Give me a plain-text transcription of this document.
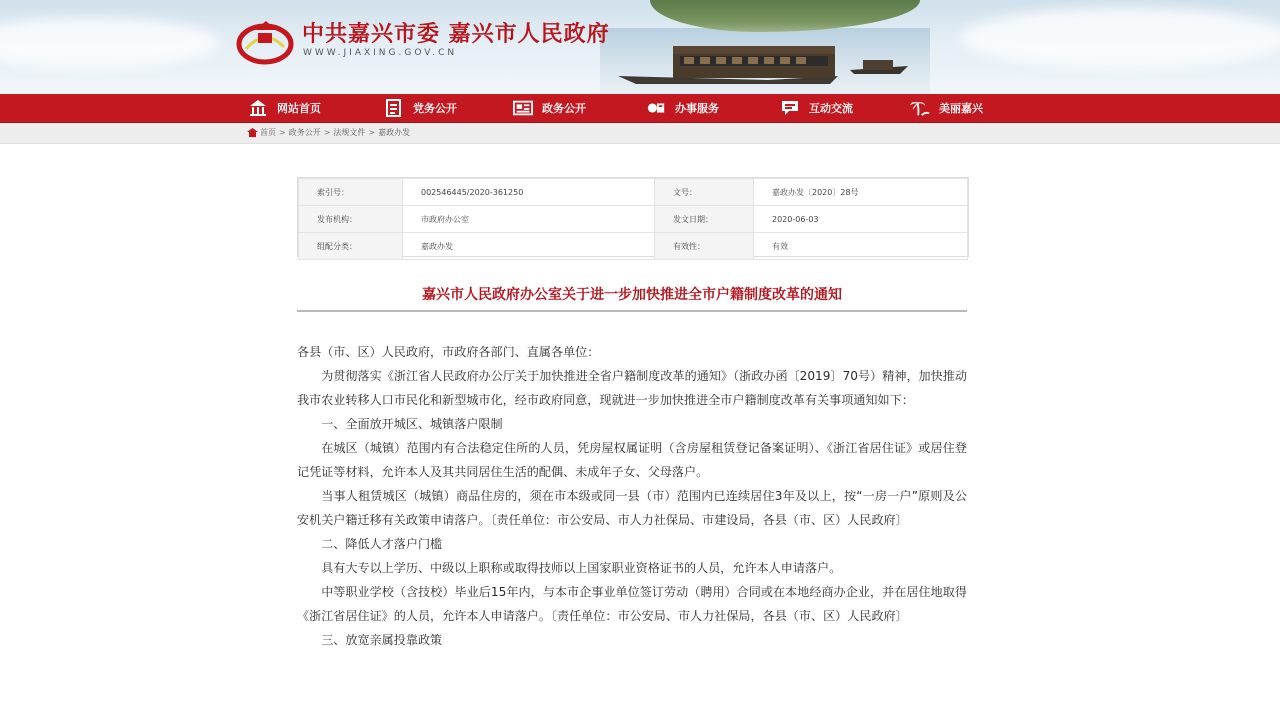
中共嘉兴市委 嘉兴市人民政府
WWW.JIAXING.GOV.CN
网站首页	党务公开	政务公开	办事服务	互动交流	美丽嘉兴
首页 > 政务公开 > 法规文件 > 嘉政办发
索引号：	002546445/2020-361250	文号：	嘉政办发〔2020〕28号
发布机构：	市政府办公室	发文日期：	2020-06-03
组配分类：	嘉政办发	有效性：	有效
嘉兴市人民政府办公室关于进一步加快推进全市户籍制度改革的通知

各县（市、区）人民政府，市政府各部门、直属各单位：

为贯彻落实《浙江省人民政府办公厅关于加快推进全省户籍制度改革的通知》（浙政办函〔2019〕70号）精神，加快推动我市农业转移人口市民化和新型城市化，经市政府同意，现就进一步加快推进全市户籍制度改革有关事项通知如下：

一、全面放开城区、城镇落户限制

在城区（城镇）范围内有合法稳定住所的人员，凭房屋权属证明（含房屋租赁登记备案证明）、《浙江省居住证》或居住登记凭证等材料，允许本人及其共同居住生活的配偶、未成年子女、父母落户。

当事人租赁城区（城镇）商品住房的，须在市本级或同一县（市）范围内已连续居住3年及以上，按“一房一户”原则及公安机关户籍迁移有关政策申请落户。〔责任单位：市公安局、市人力社保局、市建设局，各县（市、区）人民政府〕

二、降低人才落户门槛

具有大专以上学历、中级以上职称或取得技师以上国家职业资格证书的人员，允许本人申请落户。

中等职业学校（含技校）毕业后15年内，与本市企事业单位签订劳动（聘用）合同或在本地经商办企业，并在居住地取得《浙江省居住证》的人员，允许本人申请落户。〔责任单位：市公安局、市人力社保局，各县（市、区）人民政府〕

三、放宽亲属投靠政策
